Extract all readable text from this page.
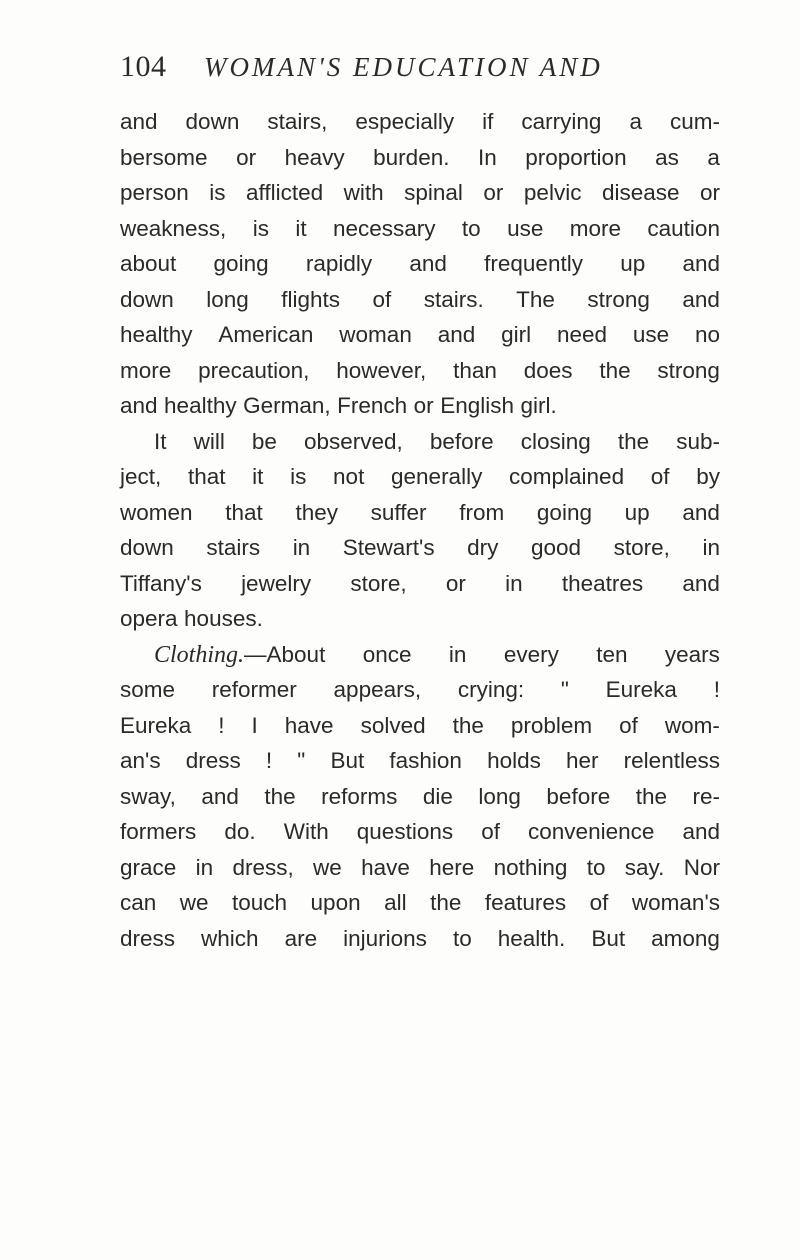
104 WOMAN'S EDUCATION AND
and down stairs, especially if carrying a cum-
bersome or heavy burden. In proportion as a
person is afflicted with spinal or pelvic disease or
weakness, is it necessary to use more caution
about going rapidly and frequently up and
down long flights of stairs. The strong and
healthy American woman and girl need use no
more precaution, however, than does the strong
and healthy German, French or English girl.
It will be observed, before closing the sub-
ject, that it is not generally complained of by
women that they suffer from going up and
down stairs in Stewart's dry good store, in
Tiffany's jewelry store, or in theatres and
opera houses.
Clothing.—About once in every ten years
some reformer appears, crying: " Eureka !
Eureka ! I have solved the problem of wom-
an's dress ! " But fashion holds her relentless
sway, and the reforms die long before the re-
formers do. With questions of convenience and
grace in dress, we have here nothing to say. Nor
can we touch upon all the features of woman's
dress which are injurions to health. But among
